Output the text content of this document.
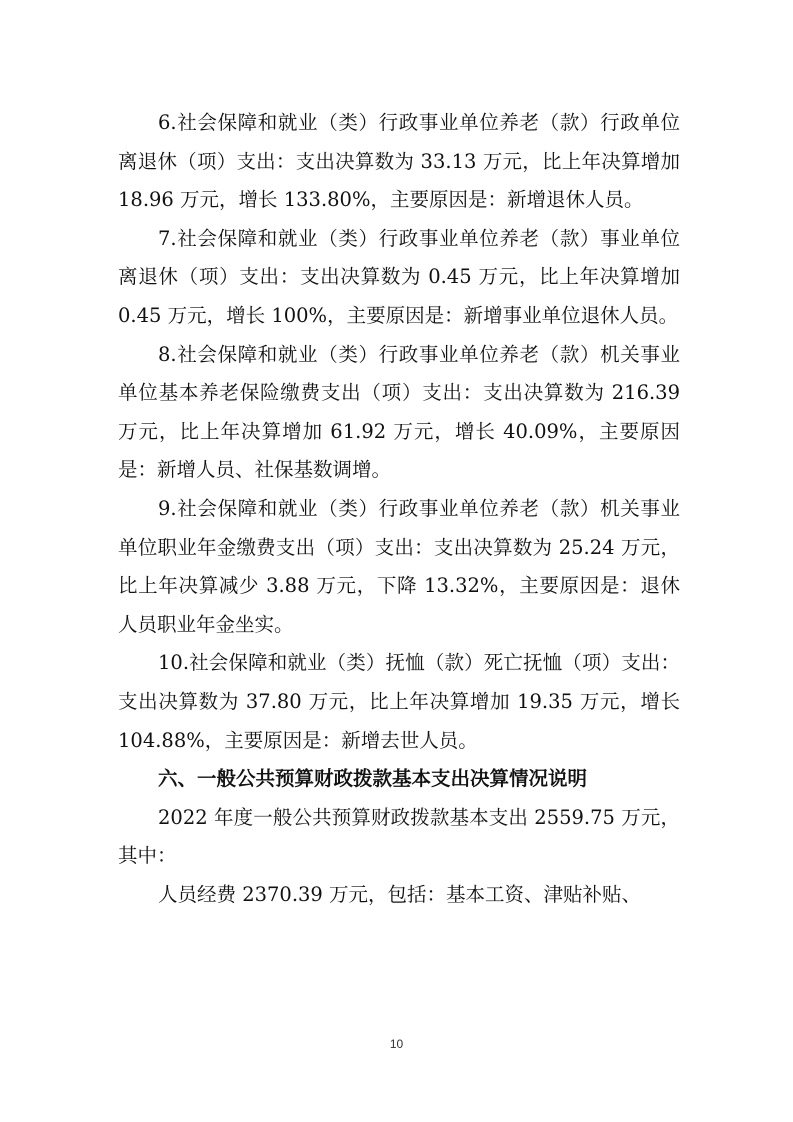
6.社会保障和就业（类）行政事业单位养老（款）行政单位离退休（项）支出：支出决算数为 33.13 万元，比上年决算增加 18.96 万元，增长 133.80%，主要原因是：新增退休人员。

7.社会保障和就业（类）行政事业单位养老（款）事业单位离退休（项）支出：支出决算数为 0.45 万元，比上年决算增加 0.45 万元，增长 100%，主要原因是：新增事业单位退休人员。

8.社会保障和就业（类）行政事业单位养老（款）机关事业单位基本养老保险缴费支出（项）支出：支出决算数为 216.39 万元，比上年决算增加 61.92 万元，增长 40.09%，主要原因是：新增人员、社保基数调增。

9.社会保障和就业（类）行政事业单位养老（款）机关事业单位职业年金缴费支出（项）支出：支出决算数为 25.24 万元，比上年决算减少 3.88 万元，下降 13.32%，主要原因是：退休人员职业年金坐实。

10.社会保障和就业（类）抚恤（款）死亡抚恤（项）支出：支出决算数为 37.80 万元，比上年决算增加 19.35 万元，增长 104.88%，主要原因是：新增去世人员。

六、一般公共预算财政拨款基本支出决算情况说明

2022 年度一般公共预算财政拨款基本支出 2559.75 万元，其中：

人员经费 2370.39 万元，包括：基本工资、津贴补贴、

10
